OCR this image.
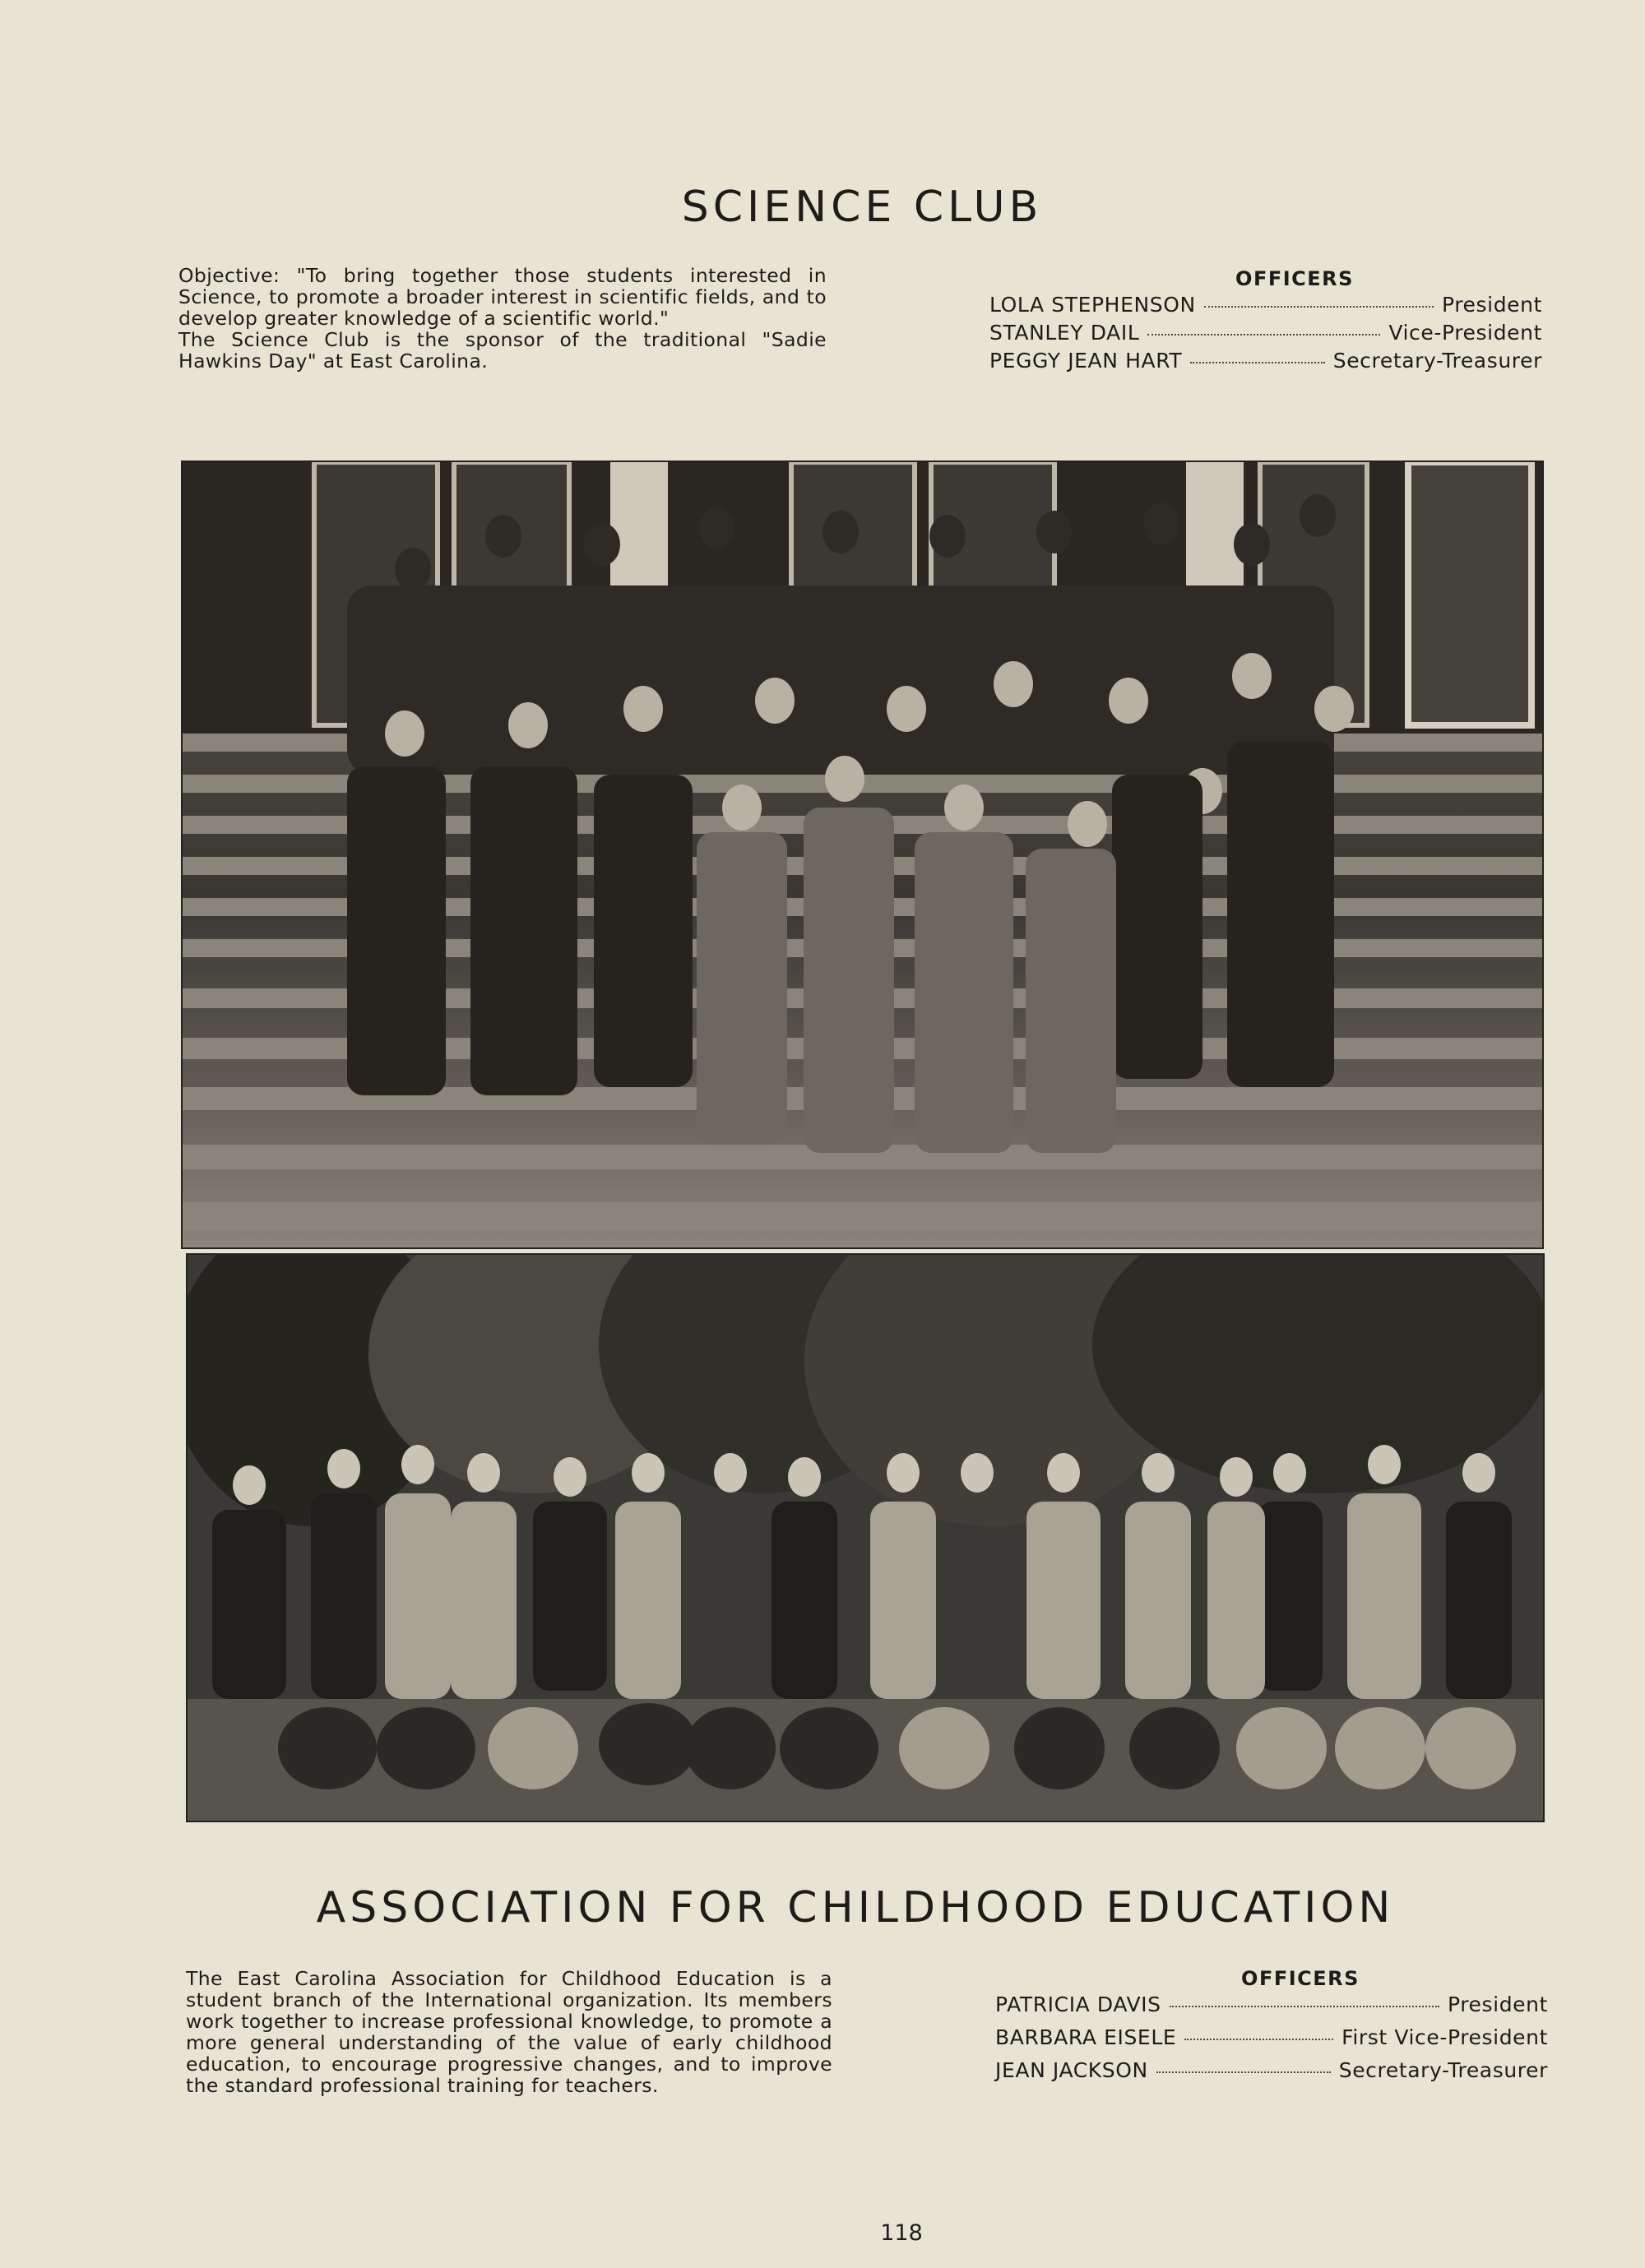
SCIENCE CLUB

Objective: "To bring together those students interested in Science, to promote a broader interest in scientific fields, and to develop greater knowledge of a scientific world."

The Science Club is the sponsor of the traditional "Sadie Hawkins Day" at East Carolina.

OFFICERS
LOLA STEPHENSON	President
STANLEY DAIL	Vice-President
PEGGY JEAN HART	Secretary-Treasurer
ASSOCIATION FOR CHILDHOOD EDUCATION

The East Carolina Association for Childhood Education is a student branch of the International organization. Its members work together to increase professional knowledge, to promote a more general understanding of the value of early childhood education, to encourage progressive changes, and to improve the standard professional training for teachers.

OFFICERS
PATRICIA DAVIS	President
BARBARA EISELE	First Vice-President
JEAN JACKSON	Secretary-Treasurer
118
